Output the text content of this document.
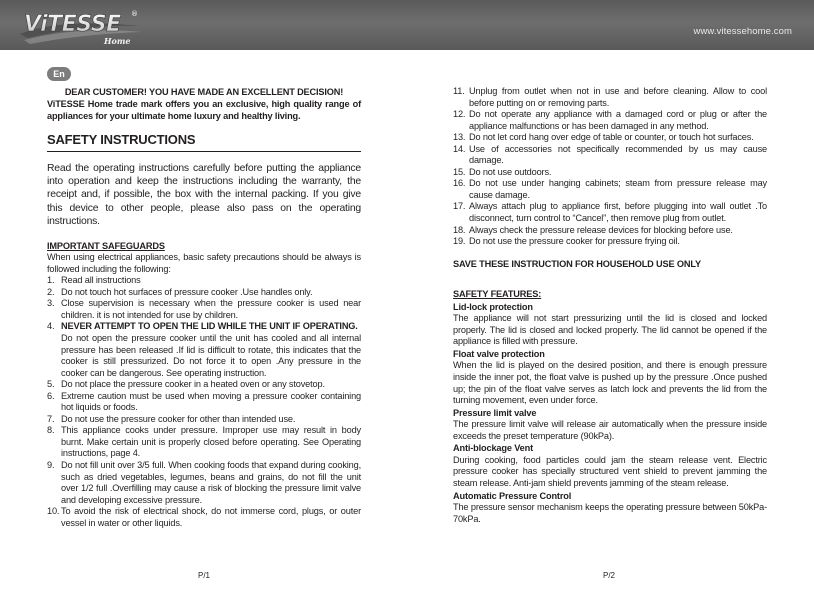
ViTESSE ®
Home
www.vitessehome.com
En
DEAR CUSTOMER! YOU HAVE MADE AN EXCELLENT DECISION!
ViTESSE Home trade mark offers you an exclusive, high quality range of appliances for your ultimate home luxury and healthy living.
SAFETY INSTRUCTIONS
Read the operating instructions carefully before putting the appliance into operation and keep the instructions including the warranty, the receipt and, if possible, the box with the internal packing. If you give this device to other people, please also pass on the operating instructions.
IMPORTANT SAFEGUARDS
When using electrical appliances, basic safety precautions should be always is followed including the following:
1. Read all instructions
2. Do not touch hot surfaces of pressure cooker .Use handles only.
3. Close supervision is necessary when the pressure cooker is used near children. it is not intended for use by children.
4. NEVER ATTEMPT TO OPEN THE LID WHILE THE UNIT IF OPERATING.
Do not open the pressure cooker until the unit has cooled and all internal pressure has been released .If lid is difficult to rotate, this indicates that the cooker is still pressurized. Do not force it to open .Any pressure in the cooker can be dangerous. See operating instruction.
5. Do not place the pressure cooker in a heated oven or any stovetop.
6. Extreme caution must be used when moving a pressure cooker containing hot liquids or foods.
7. Do not use the pressure cooker for other than intended use.
8. This appliance cooks under pressure. Improper use may result in body burnt. Make certain unit is properly closed before operating. See Operating instructions, page 4.
9. Do not fill unit over 3/5 full. When cooking foods that expand during cooking, such as dried vegetables, legumes, beans and grains, do not fill the unit over 1/2 full .Overfilling may cause a risk of blocking the pressure limit valve and developing excessive pressure.
10. To avoid the risk of electrical shock, do not immerse cord, plugs, or outer vessel in water or other liquids.
11. Unplug from outlet when not in use and before cleaning. Allow to cool before putting on or removing parts.
12. Do not operate any appliance with a damaged cord or plug or after the appliance malfunctions or has been damaged in any method.
13. Do not let cord hang over edge of table or counter, or touch hot surfaces.
14. Use of accessories not specifically recommended by us may cause damage.
15. Do not use outdoors.
16. Do not use under hanging cabinets; steam from pressure release may cause damage.
17. Always attach plug to appliance first, before plugging into wall outlet .To disconnect, turn control to “Cancel”, then remove plug from outlet.
18. Always check the pressure release devices for blocking before use.
19. Do not use the pressure cooker for pressure frying oil.
SAVE THESE INSTRUCTION FOR HOUSEHOLD USE ONLY
SAFETY FEATURES:
Lid-lock protection
The appliance will not start pressurizing until the lid is closed and locked properly. The lid is closed and locked properly. The lid cannot be opened if the appliance is filled with pressure.
Float valve protection
When the lid is played on the desired position, and there is enough pressure inside the inner pot, the float valve is pushed up by the pressure .Once pushed up; the pin of the float valve serves as latch lock and prevents the lid from the turning movement, even under force.
Pressure limit valve
The pressure limit valve will release air automatically when the pressure inside exceeds the preset temperature (90kPa).
Anti-blockage Vent
During cooking, food particles could jam the steam release vent. Electric pressure cooker has specially structured vent shield to prevent jamming the steam release. Anti-jam shield prevents jamming of the steam release.
Automatic Pressure Control
The pressure sensor mechanism keeps the operating pressure between 50kPa-70kPa.
P/1	P/2
